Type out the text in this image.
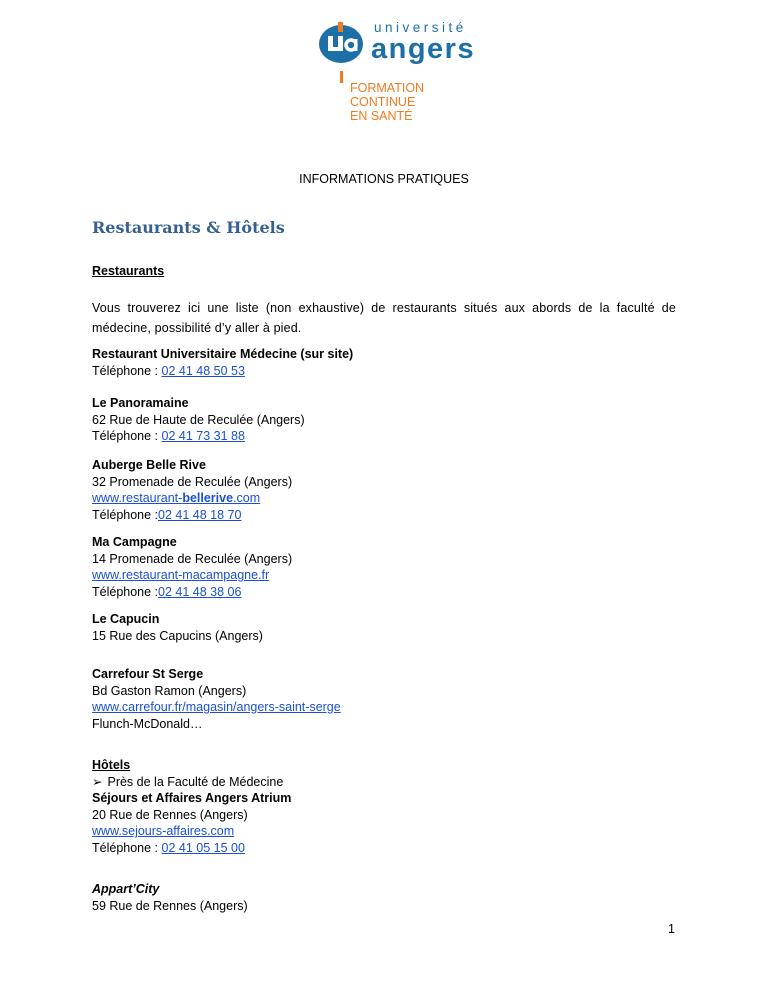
université
angers
FORMATION
CONTINUE
EN SANTÉ
INFORMATIONS PRATIQUES
Restaurants & Hôtels
Restaurants
Vous trouverez ici une liste (non exhaustive) de restaurants situés aux abords de la faculté de médecine, possibilité d’y aller à pied.
Restaurant Universitaire Médecine (sur site)
Téléphone : 02 41 48 50 53
Le Panoramaine
62 Rue de Haute de Reculée (Angers)
Téléphone : 02 41 73 31 88
Auberge Belle Rive
32 Promenade de Reculée (Angers)
www.restaurant-bellerive.com
Téléphone :02 41 48 18 70
Ma Campagne
14 Promenade de Reculée (Angers)
www.restaurant-macampagne.fr
Téléphone :02 41 48 38 06
Le Capucin
15 Rue des Capucins (Angers)
Carrefour St Serge
Bd Gaston Ramon (Angers)
www.carrefour.fr/magasin/angers-saint-serge
Flunch-McDonald…
Hôtels
➢ Près de la Faculté de Médecine
Séjours et Affaires Angers Atrium
20 Rue de Rennes (Angers)
www.sejours-affaires.com
Téléphone : 02 41 05 15 00
Appart’City
59 Rue de Rennes (Angers)
1
